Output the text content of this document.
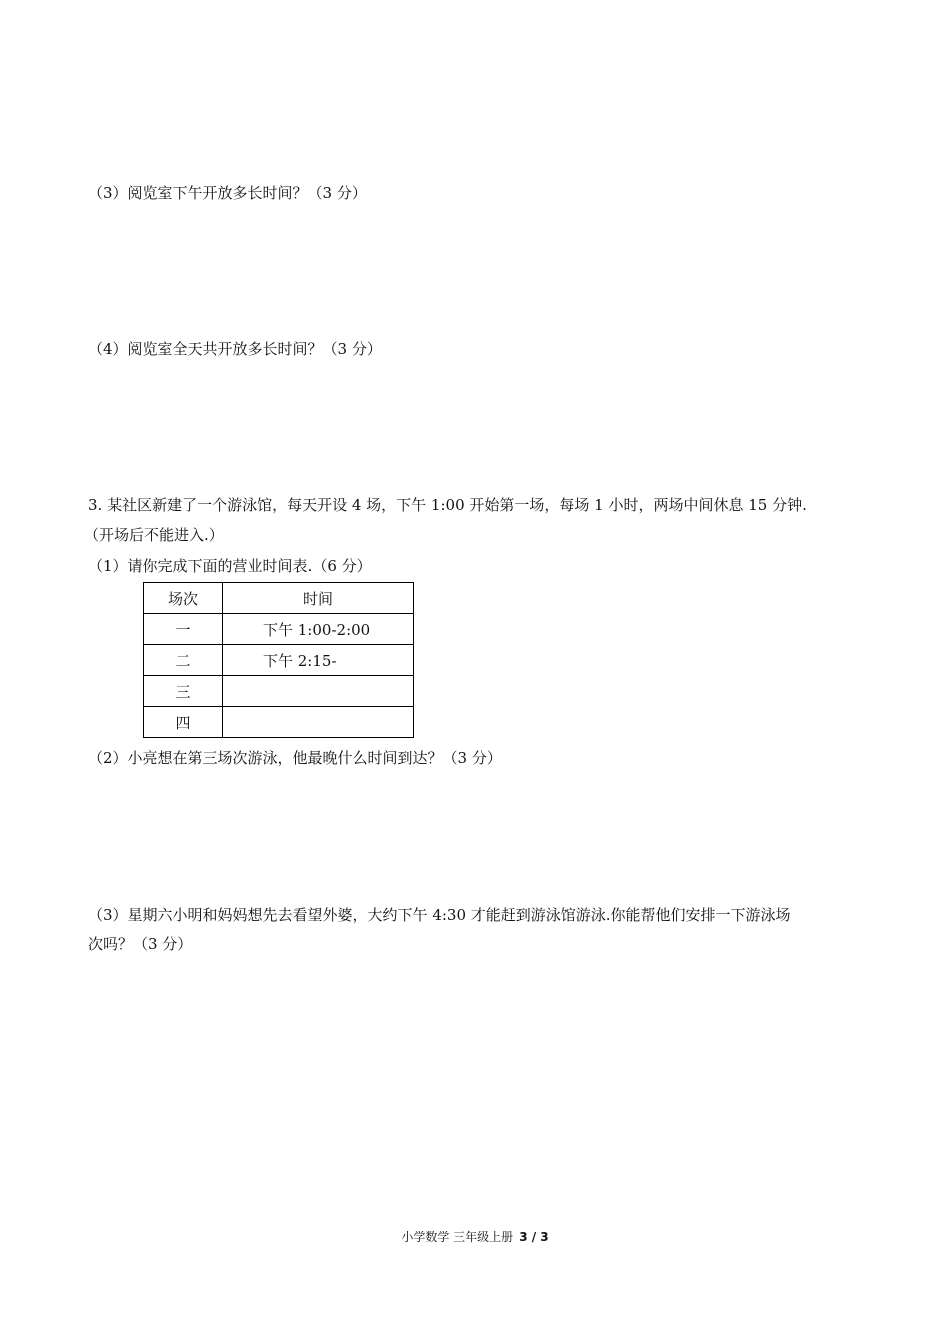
（3）阅览室下午开放多长时间？（3 分）
（4）阅览室全天共开放多长时间？（3 分）
3. 某社区新建了一个游泳馆，每天开设 4 场，下午 1:00 开始第一场，每场 1 小时，两场中间休息 15 分钟.
（开场后不能进入.）
（1）请你完成下面的营业时间表.（6 分）
场次	时间
一	下午 1:00-2:00
二	下午 2:15-
三	
四	
（2）小亮想在第三场次游泳，他最晚什么时间到达？（3 分）
（3）星期六小明和妈妈想先去看望外婆，大约下午 4:30 才能赶到游泳馆游泳.你能帮他们安排一下游泳场
次吗？（3 分）
小学数学 三年级上册 3 / 3
